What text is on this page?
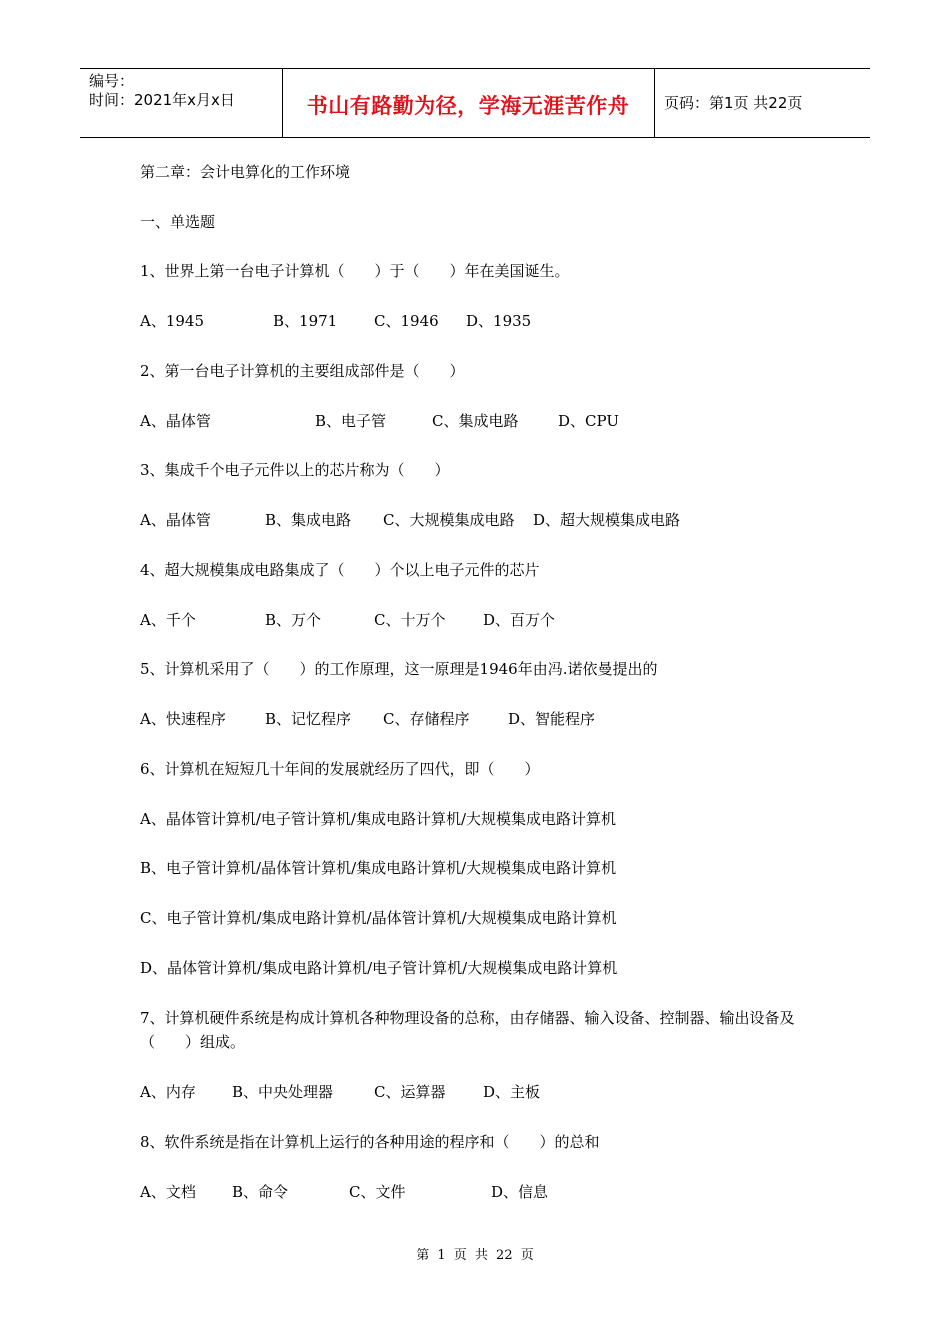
编号：
时间：2021年x月x日	书山有路勤为径，学海无涯苦作舟	页码：第1页 共22页
第二章：会计电算化的工作环境
一、单选题
1、世界上第一台电子计算机（　　）于（　　）年在美国诞生。
A、1945	B、1971 C、1946 D、1935
2、第一台电子计算机的主要组成部件是（　　）
A、晶体管	B、电子管	C、集成电路	D、CPU
3、集成千个电子元件以上的芯片称为（　　）
A、晶体管	B、集成电路 C、大规模集成电路 D、超大规模集成电路
4、超大规模集成电路集成了（　　）个以上电子元件的芯片
A、千个	B、万个	C、十万个	D、百万个
5、计算机采用了（　　）的工作原理，这一原理是1946年由冯.诺依曼提出的
A、快速程序	B、记忆程序 C、存储程序	D、智能程序
6、计算机在短短几十年间的发展就经历了四代，即（　　）
A、晶体管计算机/电子管计算机/集成电路计算机/大规模集成电路计算机
B、电子管计算机/晶体管计算机/集成电路计算机/大规模集成电路计算机
C、电子管计算机/集成电路计算机/晶体管计算机/大规模集成电路计算机
D、晶体管计算机/集成电路计算机/电子管计算机/大规模集成电路计算机
7、计算机硬件系统是构成计算机各种物理设备的总称，由存储器、输入设备、控制器、输出设备及（　　）组成。
A、内存 B、中央处理器	C、运算器	D、主板
8、软件系统是指在计算机上运行的各种用途的程序和（　　）的总和
A、文档 B、命令	C、文件	D、信息
第 1 页 共 22 页
